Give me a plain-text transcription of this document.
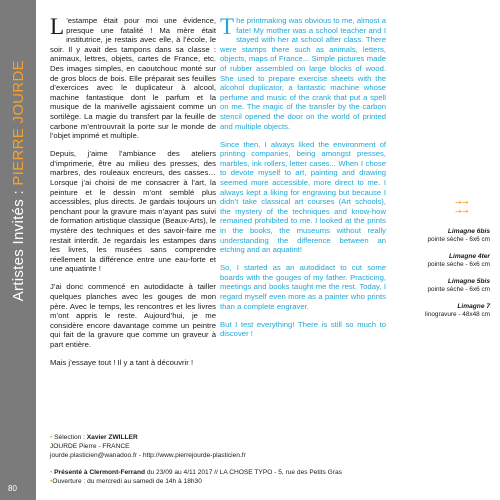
Artistes Invités : PIERRE JOURDE
80

L ’estampe était pour moi une évidence, presque une fatalité ! Ma mère était institutrice, je restais avec elle, à l’école, le soir. Il y avait des tampons dans sa classe : animaux, lettres, objets, cartes de France, etc. Des images simples, en caoutchouc monté sur de gros blocs de bois. Elle préparait ses feuilles d’exercices avec le duplicateur à alcool, machine fantastique dont le parfum et la musique de la manivelle agissaient comme un sortilège. La magie du transfert par la feuille de carbone m’entrouvrait la porte sur le monde de l’objet imprimé et multiple.

Depuis, j’aime l’ambiance des ateliers d’imprimerie, être au milieu des presses, des marbres, des rouleaux encreurs, des casses… Lorsque j’ai choisi de me consacrer à l’art, la peinture et le dessin m’ont semblé plus accessibles, plus directs. Je gardais toujours un penchant pour la gravure mais n’ayant pas suivi de formation artistique classique (Beaux-Arts), le mystère des techniques et des savoir-faire me restait interdit. Je regardais les estampes dans les livres, les musées sans comprendre réellement la différence entre une eau-forte et une aquatinte !

J’ai donc commencé en autodidacte à tailler quelques planches avec les gouges de mon père. Avec le temps, les rencontres et les livres m’ont appris le reste. Aujourd’hui, je me considère encore davantage comme un peintre qui fait de la gravure que comme un graveur à part entière.

Mais j’essaye tout ! Il y a tant à découvrir !

The printmaking was obvious to me, almost a fate! My mother was a school teacher and I stayed with her at school after class. There were stamps there such as animals, letters, objects, maps of France... Simple pictures made of rubber assembled on large blocks of wood. She used to prepare exercise sheets with the alcohol duplicator, a fantastic machine whose perfume and music of the crank that put a spell on me. The magic of the transfer by the carbon stencil opened the door on the world of printed and multiple objects.

Since then, I always liked the environment of printing companies, being amongst presses, marbles, ink rollers, letter cases... When I chose to devote myself to art, painting and drawing seemed more accessible, more direct to me. I always kept a liking for engraving but because I didn’t take classical art courses (Art schools), the mystery of the techniques and know-how remained prohibited to me. I looked at the prints in the books, the museums without really understanding the difference between an etching and an aquatint!

So, I started as an autodidact to cut some boards with the gouges of my father. Practicing, meetings and books taught me the rest. Today, I regard myself even more as a painter who prints than a complete engraver.

But I test everything! There is still so much to discover !

→→
→→
Limagne 6bis
pointe sèche - 6x6 cm
Limagne 4ter
pointe sèche - 6x6 cm
Limagne 5bis
pointe sèche - 6x6 cm
Limagne 7
linogravure - 48x48 cm
• Sélection : Xavier ZWILLER
JOURDE Pierre - FRANCE
jourde.plasticien@wanadoo.fr - http://www.pierrejourde-plasticien.fr
• Présenté à Clermont-Ferrand du 23/09 au 4/11 2017 // LA CHOSE TYPO - 5, rue des Petits Gras
•Ouverture : du mercredi au samedi de 14h à 18h30
